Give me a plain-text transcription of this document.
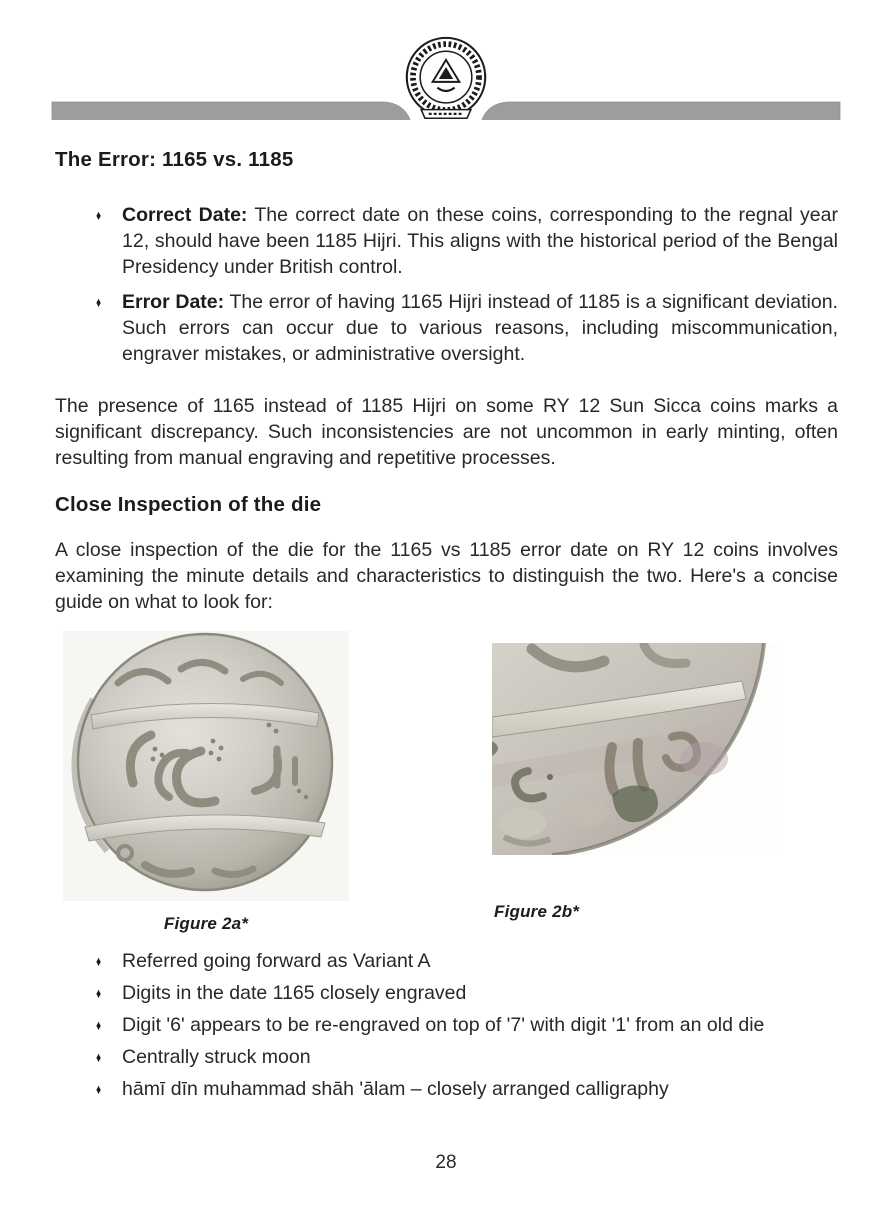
The Error: 1165 vs. 1185
♦ Correct Date: The correct date on these coins, corresponding to the regnal year 12, should have been 1185 Hijri. This aligns with the historical period of the Bengal Presidency under British control.
♦ Error Date: The error of having 1165 Hijri instead of 1185 is a significant deviation. Such errors can occur due to various reasons, including miscommunication, engraver mistakes, or administrative oversight.

The presence of 1165 instead of 1185 Hijri on some RY 12 Sun Sicca coins marks a significant discrepancy. Such inconsistencies are not uncommon in early minting, often resulting from manual engraving and repetitive processes.

Close Inspection of the die

A close inspection of the die for the 1165 vs 1185 error date on RY 12 coins involves examining the minute details and characteristics to distinguish the two. Here's a concise guide on what to look for:

Figure 2a*
Figure 2b*
♦ Referred going forward as Variant A
♦ Digits in the date 1165 closely engraved
♦ Digit '6' appears to be re-engraved on top of '7' with digit '1' from an old die
♦ Centrally struck moon
♦ hāmī dīn muhammad shāh 'ālam – closely arranged calligraphy
28
